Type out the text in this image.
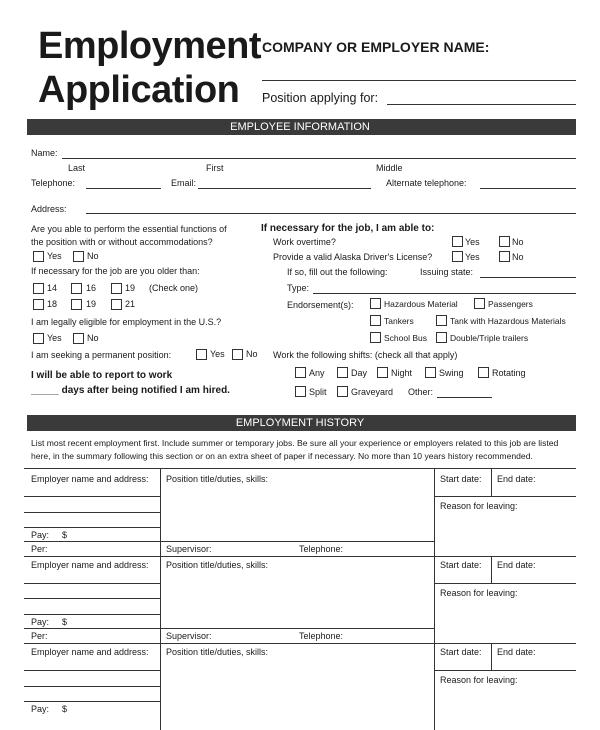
Employment
Application
COMPANY OR EMPLOYER NAME:
Position applying for:
EMPLOYEE INFORMATION
Name:
Last	First	Middle
Telephone:	Email:	Alternate telephone:
Address:
Are you able to perform the essential functions of
the position with or without accommodations?
Yes	No
If necessary for the job are you older than:
14	16	19 (Check one)
18	19	21
I am legally eligible for employment in the U.S.?
Yes	No
I am seeking a permanent position:	Yes No
I will be able to report to work
_____ days after being notified I am hired.
If necessary for the job, I am able to:
Work overtime?	Yes	No
Provide a valid Alaska Driver's License?	Yes	No
If so, fill out the following:	Issuing state:
Type:
Endorsement(s):	Hazardous Material	Passengers
Tankers	Tank with Hazardous Materials
School Bus	Double/Triple trailers
Work the following shifts: (check all that apply)
Any	Day	Night	Swing	Rotating
Split	Graveyard Other:
EMPLOYMENT HISTORY
List most recent employment first. Include summer or temporary jobs. Be sure all your experience or employers related to this job are listed
here, in the summary following this section or on an extra sheet of paper if necessary. No more than 10 years history recommended.
Employer name and address:
Pay: $
Per:
Position title/duties, skills:
Supervisor:	Telephone:
Start date: End date:
Reason for leaving:
Employer name and address:
Pay: $
Per:
Position title/duties, skills:
Supervisor:	Telephone:
Start date: End date:
Reason for leaving:
Employer name and address:
Pay: $
Position title/duties, skills:	Start date: End date:
Reason for leaving:
